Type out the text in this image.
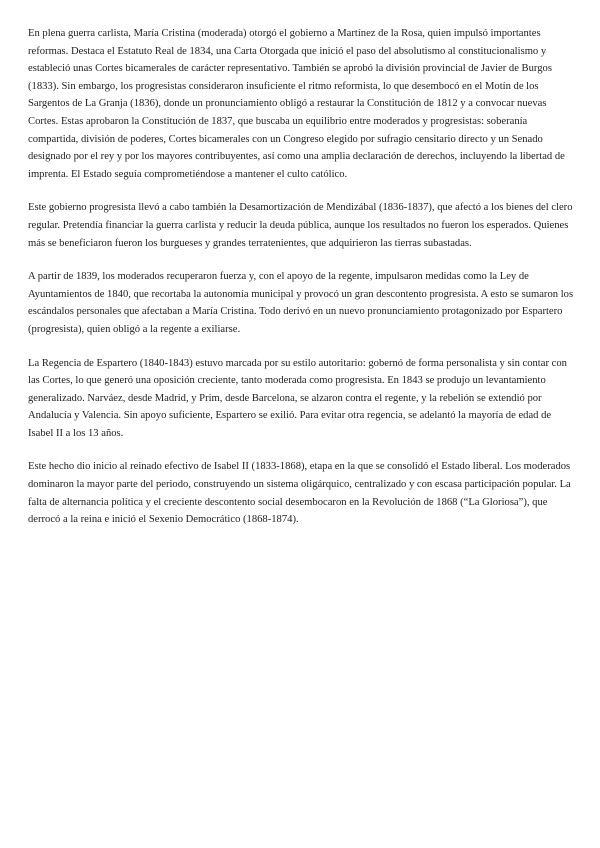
En plena guerra carlista, María Cristina (moderada) otorgó el gobierno a Martínez de la Rosa, quien impulsó importantes reformas. Destaca el Estatuto Real de 1834, una Carta Otorgada que inició el paso del absolutismo al constitucionalismo y estableció unas Cortes bicamerales de carácter representativo. También se aprobó la división provincial de Javier de Burgos (1833). Sin embargo, los progresistas consideraron insuficiente el ritmo reformista, lo que desembocó en el Motín de los Sargentos de La Granja (1836), donde un pronunciamiento obligó a restaurar la Constitución de 1812 y a convocar nuevas Cortes. Estas aprobaron la Constitución de 1837, que buscaba un equilibrio entre moderados y progresistas: soberanía compartida, división de poderes, Cortes bicamerales con un Congreso elegido por sufragio censitario directo y un Senado designado por el rey y por los mayores contribuyentes, así como una amplia declaración de derechos, incluyendo la libertad de imprenta. El Estado seguía comprometiéndose a mantener el culto católico.

Este gobierno progresista llevó a cabo también la Desamortización de Mendizábal (1836-1837), que afectó a los bienes del clero regular. Pretendía financiar la guerra carlista y reducir la deuda pública, aunque los resultados no fueron los esperados. Quienes más se beneficiaron fueron los burgueses y grandes terratenientes, que adquirieron las tierras subastadas.

A partir de 1839, los moderados recuperaron fuerza y, con el apoyo de la regente, impulsaron medidas como la Ley de Ayuntamientos de 1840, que recortaba la autonomía municipal y provocó un gran descontento progresista. A esto se sumaron los escándalos personales que afectaban a María Cristina. Todo derivó en un nuevo pronunciamiento protagonizado por Espartero (progresista), quien obligó a la regente a exiliarse.

La Regencia de Espartero (1840-1843) estuvo marcada por su estilo autoritario: gobernó de forma personalista y sin contar con las Cortes, lo que generó una oposición creciente, tanto moderada como progresista. En 1843 se produjo un levantamiento generalizado. Narváez, desde Madrid, y Prim, desde Barcelona, se alzaron contra el regente, y la rebelión se extendió por Andalucía y Valencia. Sin apoyo suficiente, Espartero se exilió. Para evitar otra regencia, se adelantó la mayoría de edad de Isabel II a los 13 años.

Este hecho dio inicio al reinado efectivo de Isabel II (1833-1868), etapa en la que se consolidó el Estado liberal. Los moderados dominaron la mayor parte del periodo, construyendo un sistema oligárquico, centralizado y con escasa participación popular. La falta de alternancia política y el creciente descontento social desembocaron en la Revolución de 1868 (“La Gloriosa”), que derrocó a la reina e inició el Sexenio Democrático (1868-1874).
